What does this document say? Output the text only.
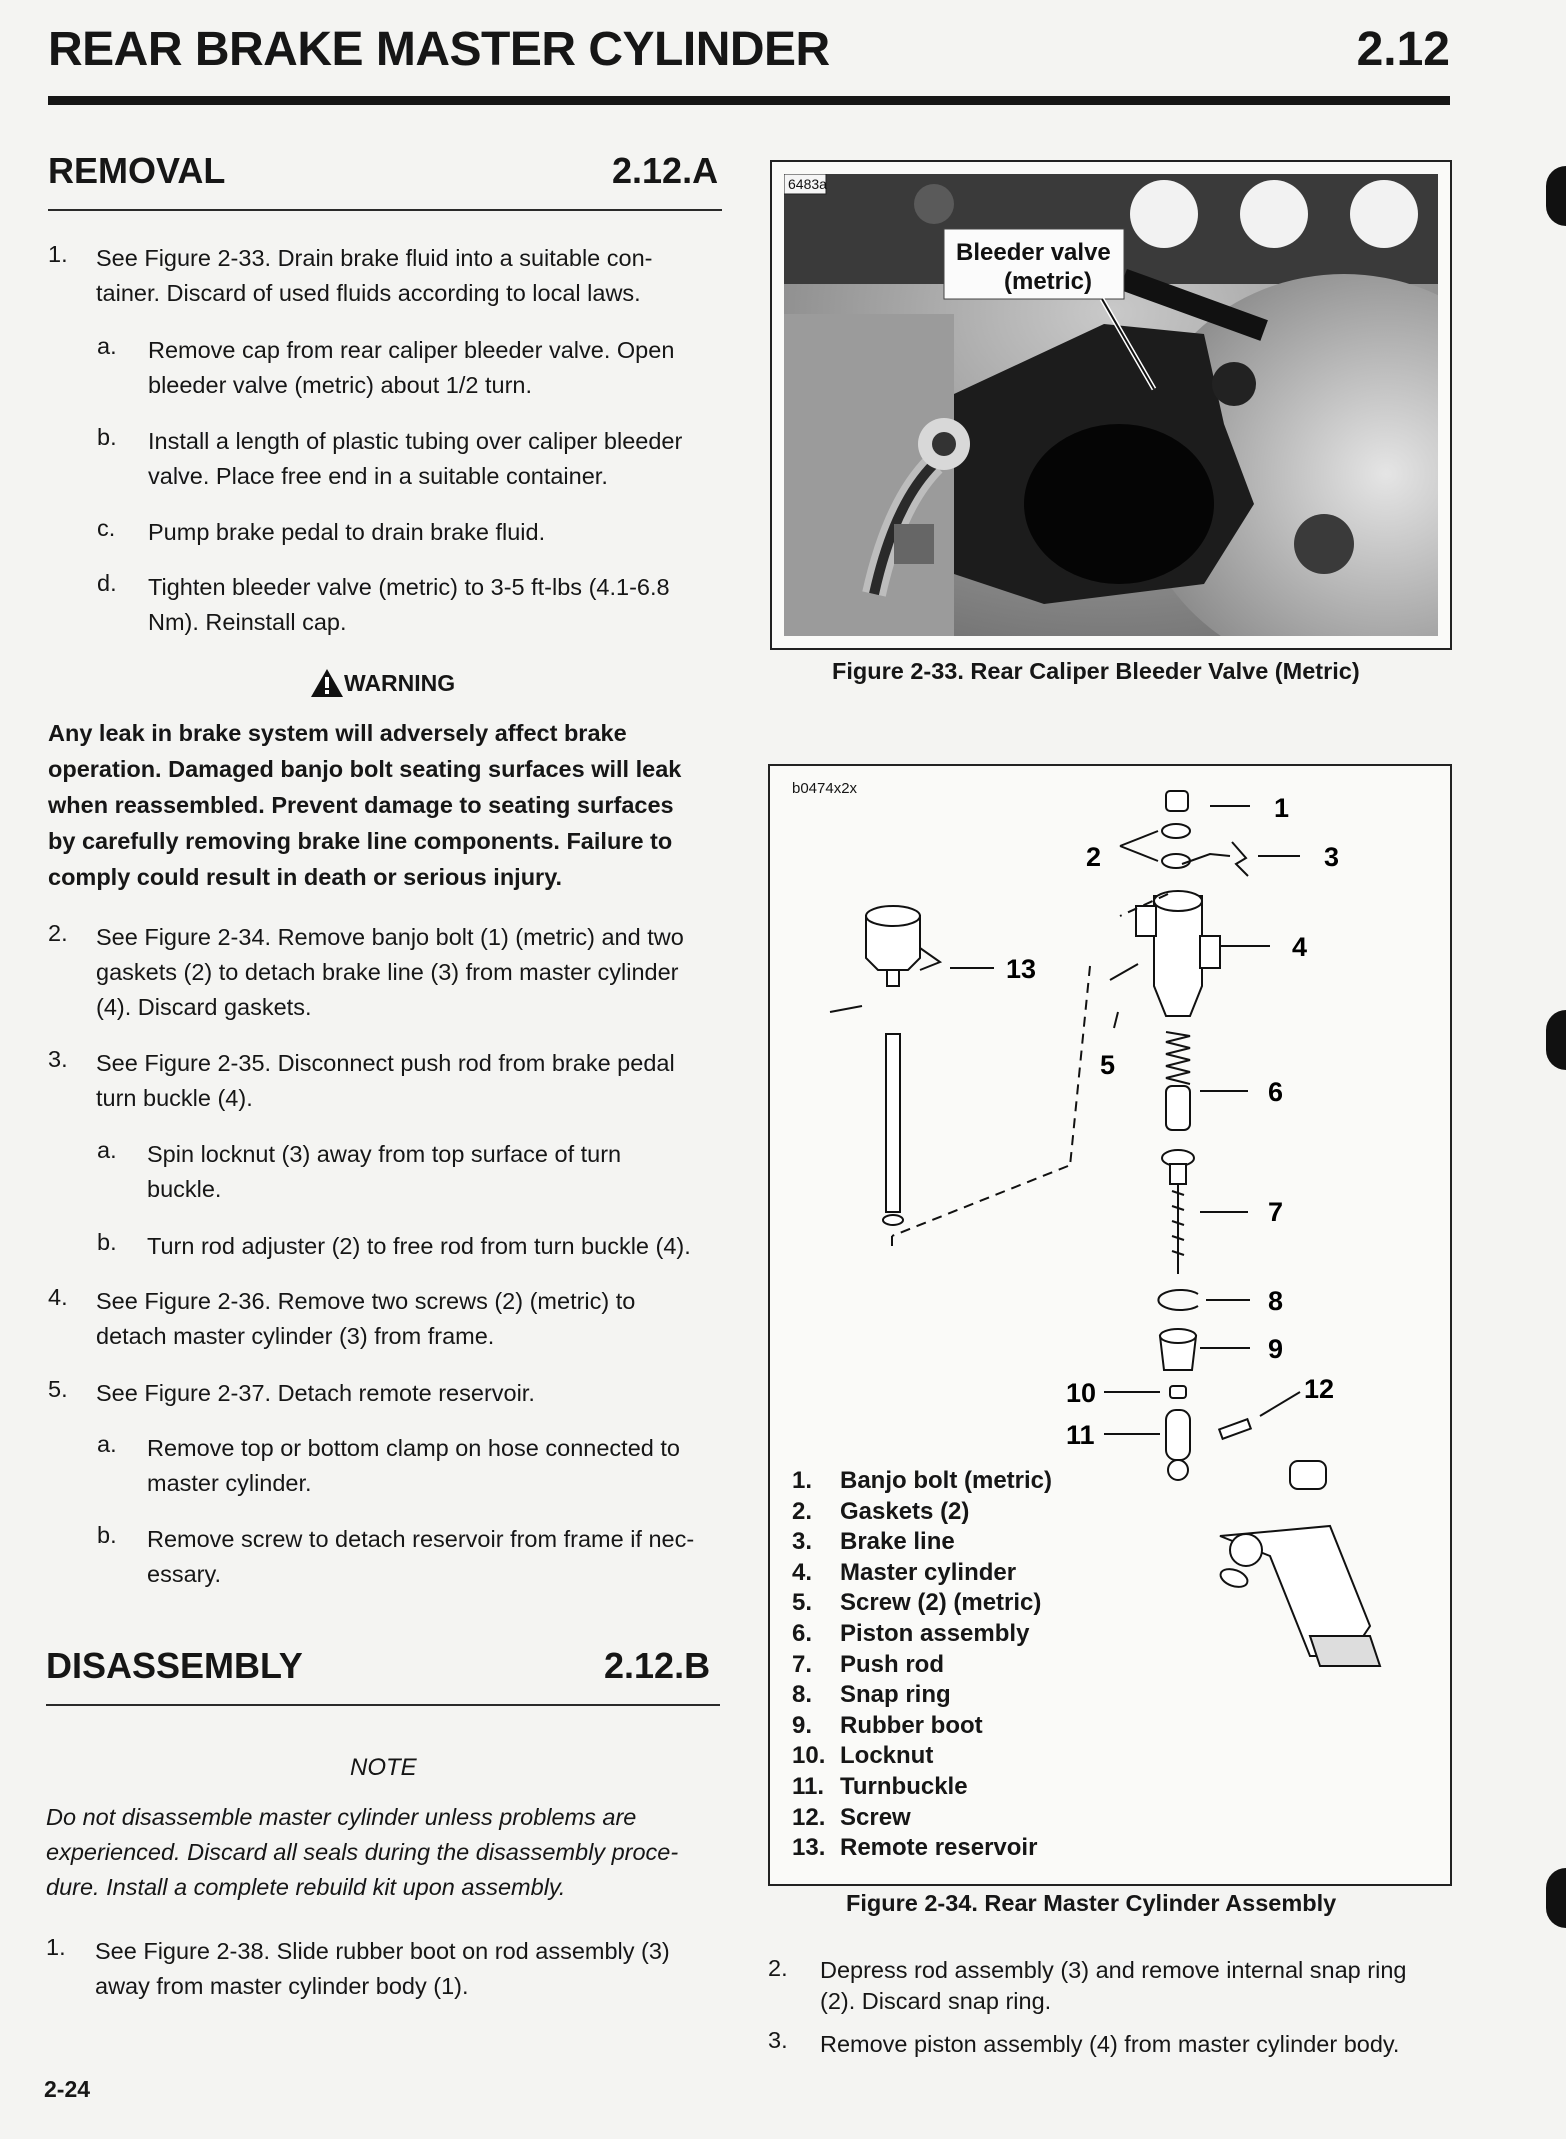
REAR BRAKE MASTER CYLINDER	2.12
REMOVAL	2.12.A
1. See Figure 2-33. Drain brake fluid into a suitable con-
tainer. Discard of used fluids according to local laws.
a. Remove cap from rear caliper bleeder valve. Open
bleeder valve (metric) about 1/2 turn.
b. Install a length of plastic tubing over caliper bleeder
valve. Place free end in a suitable container.
c. Pump brake pedal to drain brake fluid.
d. Tighten bleeder valve (metric) to 3-5 ft-lbs (4.1-6.8
Nm). Reinstall cap.
WARNING
Any leak in brake system will adversely affect brake
operation. Damaged banjo bolt seating surfaces will leak
when reassembled. Prevent damage to seating surfaces
by carefully removing brake line components. Failure to
comply could result in death or serious injury.
2. See Figure 2-34. Remove banjo bolt (1) (metric) and two
gaskets (2) to detach brake line (3) from master cylinder
(4). Discard gaskets.
3. See Figure 2-35. Disconnect push rod from brake pedal
turn buckle (4).
a. Spin locknut (3) away from top surface of turn
buckle.
b. Turn rod adjuster (2) to free rod from turn buckle (4).
4. See Figure 2-36. Remove two screws (2) (metric) to
detach master cylinder (3) from frame.
5. See Figure 2-37. Detach remote reservoir.
a. Remove top or bottom clamp on hose connected to
master cylinder.
b. Remove screw to detach reservoir from frame if nec-
essary.
DISASSEMBLY	2.12.B
NOTE
Do not disassemble master cylinder unless problems are
experienced. Discard all seals during the disassembly proce-
dure. Install a complete rebuild kit upon assembly.
1. See Figure 2-38. Slide rubber boot on rod assembly (3)
away from master cylinder body (1).
2. Depress rod assembly (3) and remove internal snap ring
(2). Discard snap ring.
3. Remove piston assembly (4) from master cylinder body.
6483a
Bleeder valve
(metric)
Figure 2-33. Rear Caliper Bleeder Valve (Metric)
b0474x2x
1
2	3
4
5
6
7
8
9
10
11
12
13
1. Banjo bolt (metric)
2. Gaskets (2)
3. Brake line
4. Master cylinder
5. Screw (2) (metric)
6. Piston assembly
7. Push rod
8. Snap ring
9. Rubber boot
10. Locknut
11. Turnbuckle
12. Screw
13. Remote reservoir
Figure 2-34. Rear Master Cylinder Assembly
2-24
